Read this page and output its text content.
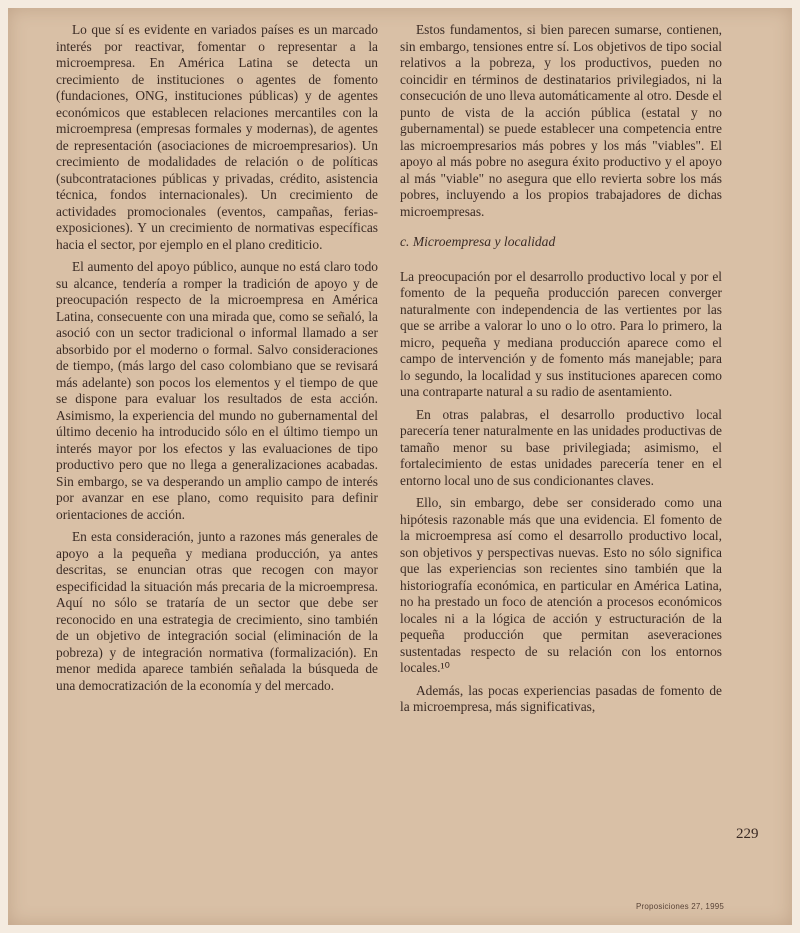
Lo que sí es evidente en variados países es un marcado interés por reactivar, fomentar o representar a la microempresa. En América Latina se detecta un crecimiento de instituciones o agentes de fomento (fundaciones, ONG, instituciones públicas) y de agentes económicos que establecen relaciones mercantiles con la microempresa (empresas formales y modernas), de agentes de representación (asociaciones de microempresarios). Un crecimiento de modalidades de relación o de políticas (subcontrataciones públicas y privadas, crédito, asistencia técnica, fondos internacionales). Un crecimiento de actividades promocionales (eventos, campañas, ferias-exposiciones). Y un crecimiento de normativas específicas hacia el sector, por ejemplo en el plano crediticio.

El aumento del apoyo público, aunque no está claro todo su alcance, tendería a romper la tradición de apoyo y de preocupación respecto de la microempresa en América Latina, consecuente con una mirada que, como se señaló, la asoció con un sector tradicional o informal llamado a ser absorbido por el moderno o formal. Salvo consideraciones de tiempo, (más largo del caso colombiano que se revisará más adelante) son pocos los elementos y el tiempo de que se dispone para evaluar los resultados de esta acción. Asimismo, la experiencia del mundo no gubernamental del último decenio ha introducido sólo en el último tiempo un interés mayor por los efectos y las evaluaciones de tipo productivo pero que no llega a generalizaciones acabadas. Sin embargo, se va desperando un amplio campo de interés por avanzar en ese plano, como requisito para definir orientaciones de acción.

En esta consideración, junto a razones más generales de apoyo a la pequeña y mediana producción, ya antes descritas, se enuncian otras que recogen con mayor especificidad la situación más precaria de la microempresa. Aquí no sólo se trataría de un sector que debe ser reconocido en una estrategia de crecimiento, sino también de un objetivo de integración social (eliminación de la pobreza) y de integración normativa (formalización). En menor medida aparece también señalada la búsqueda de una democratización de la economía y del mercado.

Estos fundamentos, si bien parecen sumarse, contienen, sin embargo, tensiones entre sí. Los objetivos de tipo social relativos a la pobreza, y los productivos, pueden no coincidir en términos de destinatarios privilegiados, ni la consecución de uno lleva automáticamente al otro. Desde el punto de vista de la acción pública (estatal y no gubernamental) se puede establecer una competencia entre las microempresarios más pobres y los más "viables". El apoyo al más pobre no asegura éxito productivo y el apoyo al más "viable" no asegura que ello revierta sobre los más pobres, incluyendo a los propios trabajadores de dichas microempresas.

c. Microempresa y localidad

La preocupación por el desarrollo productivo local y por el fomento de la pequeña producción parecen converger naturalmente con independencia de las vertientes por las que se arribe a valorar lo uno o lo otro. Para lo primero, la micro, pequeña y mediana producción aparece como el campo de intervención y de fomento más manejable; para lo segundo, la localidad y sus instituciones aparecen como una contraparte natural a su radio de asentamiento.

En otras palabras, el desarrollo productivo local parecería tener naturalmente en las unidades productivas de tamaño menor su base privilegiada; asimismo, el fortalecimiento de estas unidades parecería tener en el entorno local uno de sus condicionantes claves.

Ello, sin embargo, debe ser considerado como una hipótesis razonable más que una evidencia. El fomento de la microempresa así como el desarrollo productivo local, son objetivos y perspectivas nuevas. Esto no sólo significa que las experiencias son recientes sino también que la historiografía económica, en particular en América Latina, no ha prestado un foco de atención a procesos económicos locales ni a la lógica de acción y estructuración de la pequeña producción que permitan aseveraciones sustentadas respecto de su relación con los entornos locales.¹⁰

Además, las pocas experiencias pasadas de fomento de la microempresa, más significativas,

229
Proposiciones 27, 1995
